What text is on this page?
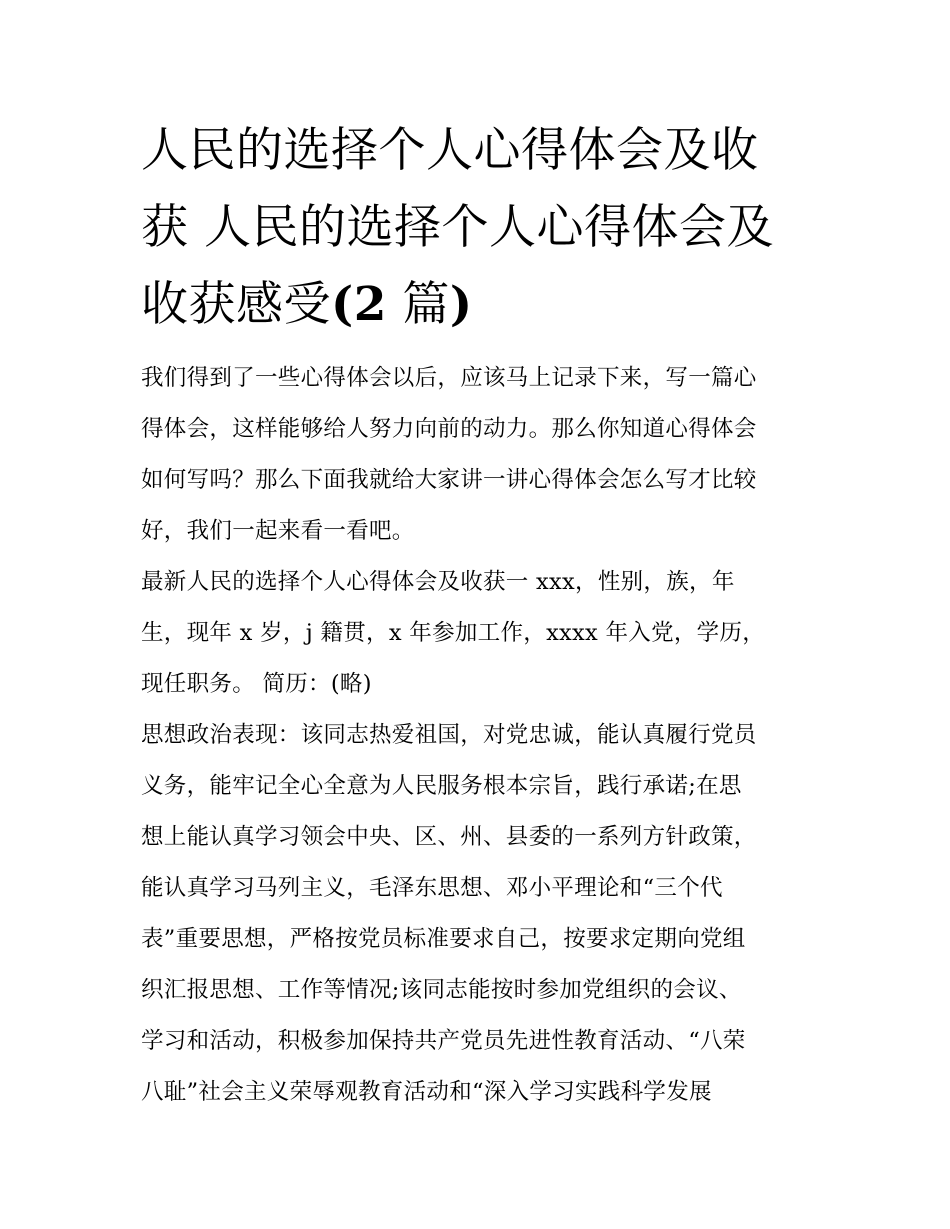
人民的选择个人心得体会及收
获 人民的选择个人心得体会及
收获感受(2 篇)
我们得到了一些心得体会以后，应该马上记录下来，写一篇心
得体会，这样能够给人努力向前的动力。那么你知道心得体会
如何写吗？那么下面我就给大家讲一讲心得体会怎么写才比较
好，我们一起来看一看吧。
最新人民的选择个人心得体会及收获一 xxx，性别，族，年
生，现年 x 岁，j 籍贯，x 年参加工作，xxxx 年入党，学历，
现任职务。 简历：(略)
思想政治表现：该同志热爱祖国，对党忠诚，能认真履行党员
义务，能牢记全心全意为人民服务根本宗旨，践行承诺;在思
想上能认真学习领会中央、区、州、县委的一系列方针政策，
能认真学习马列主义，毛泽东思想、邓小平理论和“三个代
表”重要思想，严格按党员标准要求自己，按要求定期向党组
织汇报思想、工作等情况;该同志能按时参加党组织的会议、
学习和活动，积极参加保持共产党员先进性教育活动、“八荣
八耻”社会主义荣辱观教育活动和“深入学习实践科学发展
